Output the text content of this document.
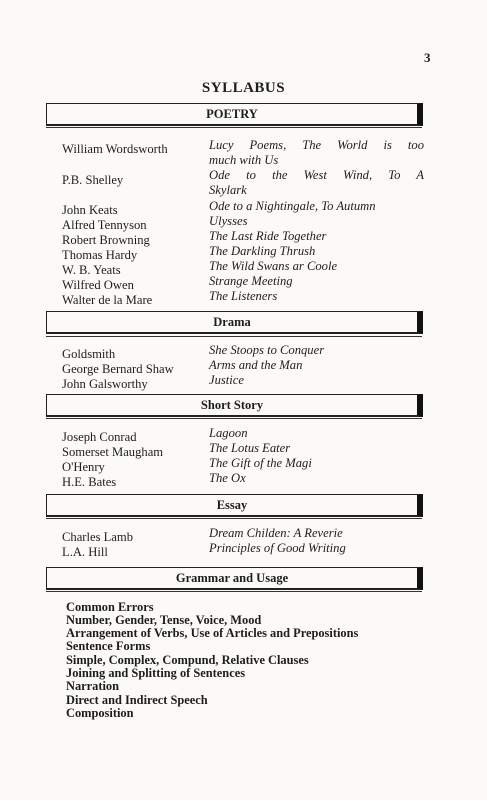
3
SYLLABUS
POETRY
William Wordsworth	Lucy Poems, The World is too
much with Us
P.B. Shelley	Ode to the West Wind, To A
Skylark
John Keats	Ode to a Nightingale, To Autumn
Alfred Tennyson	Ulysses
Robert Browning	The Last Ride Together
Thomas Hardy	The Darkling Thrush
W. B. Yeats	The Wild Swans ar Coole
Wilfred Owen	Strange Meeting
Walter de la Mare	The Listeners
Drama
Goldsmith	She Stoops to Conquer
George Bernard Shaw	Arms and the Man
John Galsworthy	Justice
Short Story
Joseph Conrad	Lagoon
Somerset Maugham	The Lotus Eater
O'Henry	The Gift of the Magi
H.E. Bates	The Ox
Essay
Charles Lamb	Dream Childen: A Reverie
L.A. Hill	Principles of Good Writing
Grammar and Usage
Common Errors
Number, Gender, Tense, Voice, Mood
Arrangement of Verbs, Use of Articles and Prepositions
Sentence Forms
Simple, Complex, Compund, Relative Clauses
Joining and Splitting of Sentences
Narration
Direct and Indirect Speech
Composition
